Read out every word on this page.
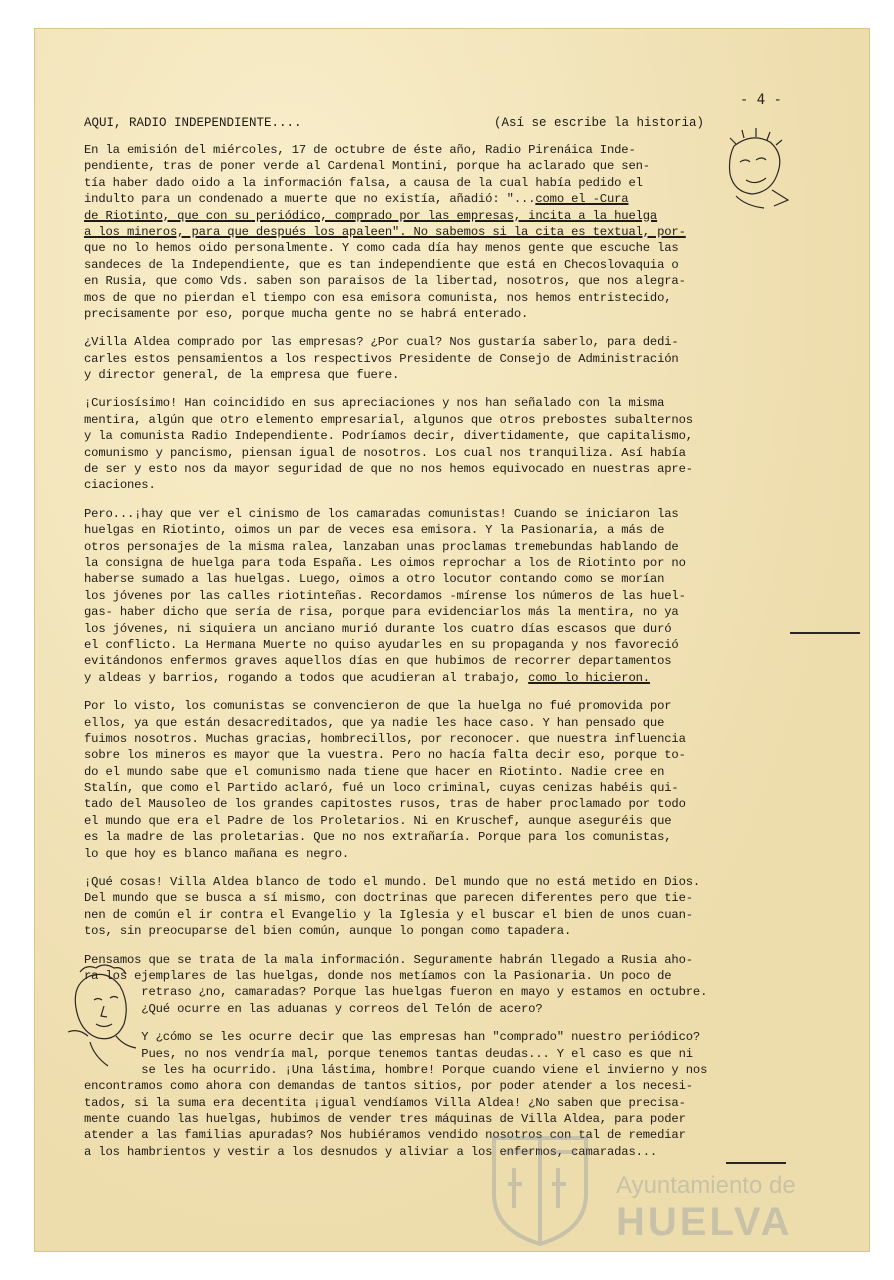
- 4 -
AQUI, RADIO INDEPENDIENTE....	(Así se escribe la historia)
En la emisión del miércoles, 17 de octubre de éste año, Radio Pirenáica Inde-
pendiente, tras de poner verde al Cardenal Montini, porque ha aclarado que sen-
tía haber dado oido a la información falsa, a causa de la cual había pedido el
indulto para un condenado a muerte que no existía, añadió: "...como el -Cura
de Riotinto, que con su periódico, comprado por las empresas, incita a la huelga
a los mineros, para que después los apaleen". No sabemos si la cita es textual, por-
que no lo hemos oido personalmente. Y como cada día hay menos gente que escuche las
sandeces de la Independiente, que es tan independiente que está en Checoslovaquia o
en Rusia, que como Vds. saben son paraisos de la libertad, nosotros, que nos alegra-
mos de que no pierdan el tiempo con esa emisora comunista, nos hemos entristecido,
precisamente por eso, porque mucha gente no se habrá enterado.
¿Villa Aldea comprado por las empresas? ¿Por cual? Nos gustaría saberlo, para dedi-
carles estos pensamientos a los respectivos Presidente de Consejo de Administración
y director general, de la empresa que fuere.
¡Curiosísimo! Han coincidido en sus apreciaciones y nos han señalado con la misma
mentira, algún que otro elemento empresarial, algunos que otros prebostes subalternos
y la comunista Radio Independiente. Podríamos decir, divertidamente, que capitalismo,
comunismo y pancismo, piensan igual de nosotros. Los cual nos tranquiliza. Así había
de ser y esto nos da mayor seguridad de que no nos hemos equivocado en nuestras apre-
ciaciones.
Pero...¡hay que ver el cinismo de los camaradas comunistas! Cuando se iniciaron las
huelgas en Riotinto, oimos un par de veces esa emisora. Y la Pasionaria, a más de
otros personajes de la misma ralea, lanzaban unas proclamas tremebundas hablando de
la consigna de huelga para toda España. Les oimos reprochar a los de Riotinto por no
haberse sumado a las huelgas. Luego, oimos a otro locutor contando como se morían
los jóvenes por las calles riotinteñas. Recordamos -mírense los números de las huel-
gas- haber dicho que sería de risa, porque para evidenciarlos más la mentira, no ya
los jóvenes, ni siquiera un anciano murió durante los cuatro días escasos que duró
el conflicto. La Hermana Muerte no quiso ayudarles en su propaganda y nos favoreció
evitándonos enfermos graves aquellos días en que hubimos de recorrer departamentos
y aldeas y barrios, rogando a todos que acudieran al trabajo, como lo hicieron.
Por lo visto, los comunistas se convencieron de que la huelga no fué promovida por
ellos, ya que están desacreditados, que ya nadie les hace caso. Y han pensado que
fuimos nosotros. Muchas gracias, hombrecillos, por reconocer. que nuestra influencia
sobre los mineros es mayor que la vuestra. Pero no hacía falta decir eso, porque to-
do el mundo sabe que el comunismo nada tiene que hacer en Riotinto. Nadie cree en
Stalín, que como el Partido aclaró, fué un loco criminal, cuyas cenizas habéis qui-
tado del Mausoleo de los grandes capitostes rusos, tras de haber proclamado por todo
el mundo que era el Padre de los Proletarios. Ni en Kruschef, aunque aseguréis que
es la madre de las proletarias. Que no nos extrañaría. Porque para los comunistas,
lo que hoy es blanco mañana es negro.
¡Qué cosas! Villa Aldea blanco de todo el mundo. Del mundo que no está metido en Dios.
Del mundo que se busca a sí mismo, con doctrinas que parecen diferentes pero que tie-
nen de común el ir contra el Evangelio y la Iglesia y el buscar el bien de unos cuan-
tos, sin preocuparse del bien común, aunque lo pongan como tapadera.
Pensamos que se trata de la mala información. Seguramente habrán llegado a Rusia aho-
ra los ejemplares de las huelgas, donde nos metíamos con la Pasionaria. Un poco de
retraso ¿no, camaradas? Porque las huelgas fueron en mayo y estamos en octubre.
¿Qué ocurre en las aduanas y correos del Telón de acero?
Y ¿cómo se les ocurre decir que las empresas han "comprado" nuestro periódico?
Pues, no nos vendría mal, porque tenemos tantas deudas... Y el caso es que ni
se les ha ocurrido. ¡Una lástima, hombre! Porque cuando viene el invierno y nos
encontramos como ahora con demandas de tantos sitios, por poder atender a los necesi-
tados, si la suma era decentita ¡igual vendíamos Villa Aldea! ¿No saben que precisa-
mente cuando las huelgas, hubimos de vender tres máquinas de Villa Aldea, para poder
atender a las familias apuradas? Nos hubiéramos vendido nosotros con tal de remediar
a los hambrientos y vestir a los desnudos y aliviar a los enfermos, camaradas...
Ayuntamiento de
HUELVA
